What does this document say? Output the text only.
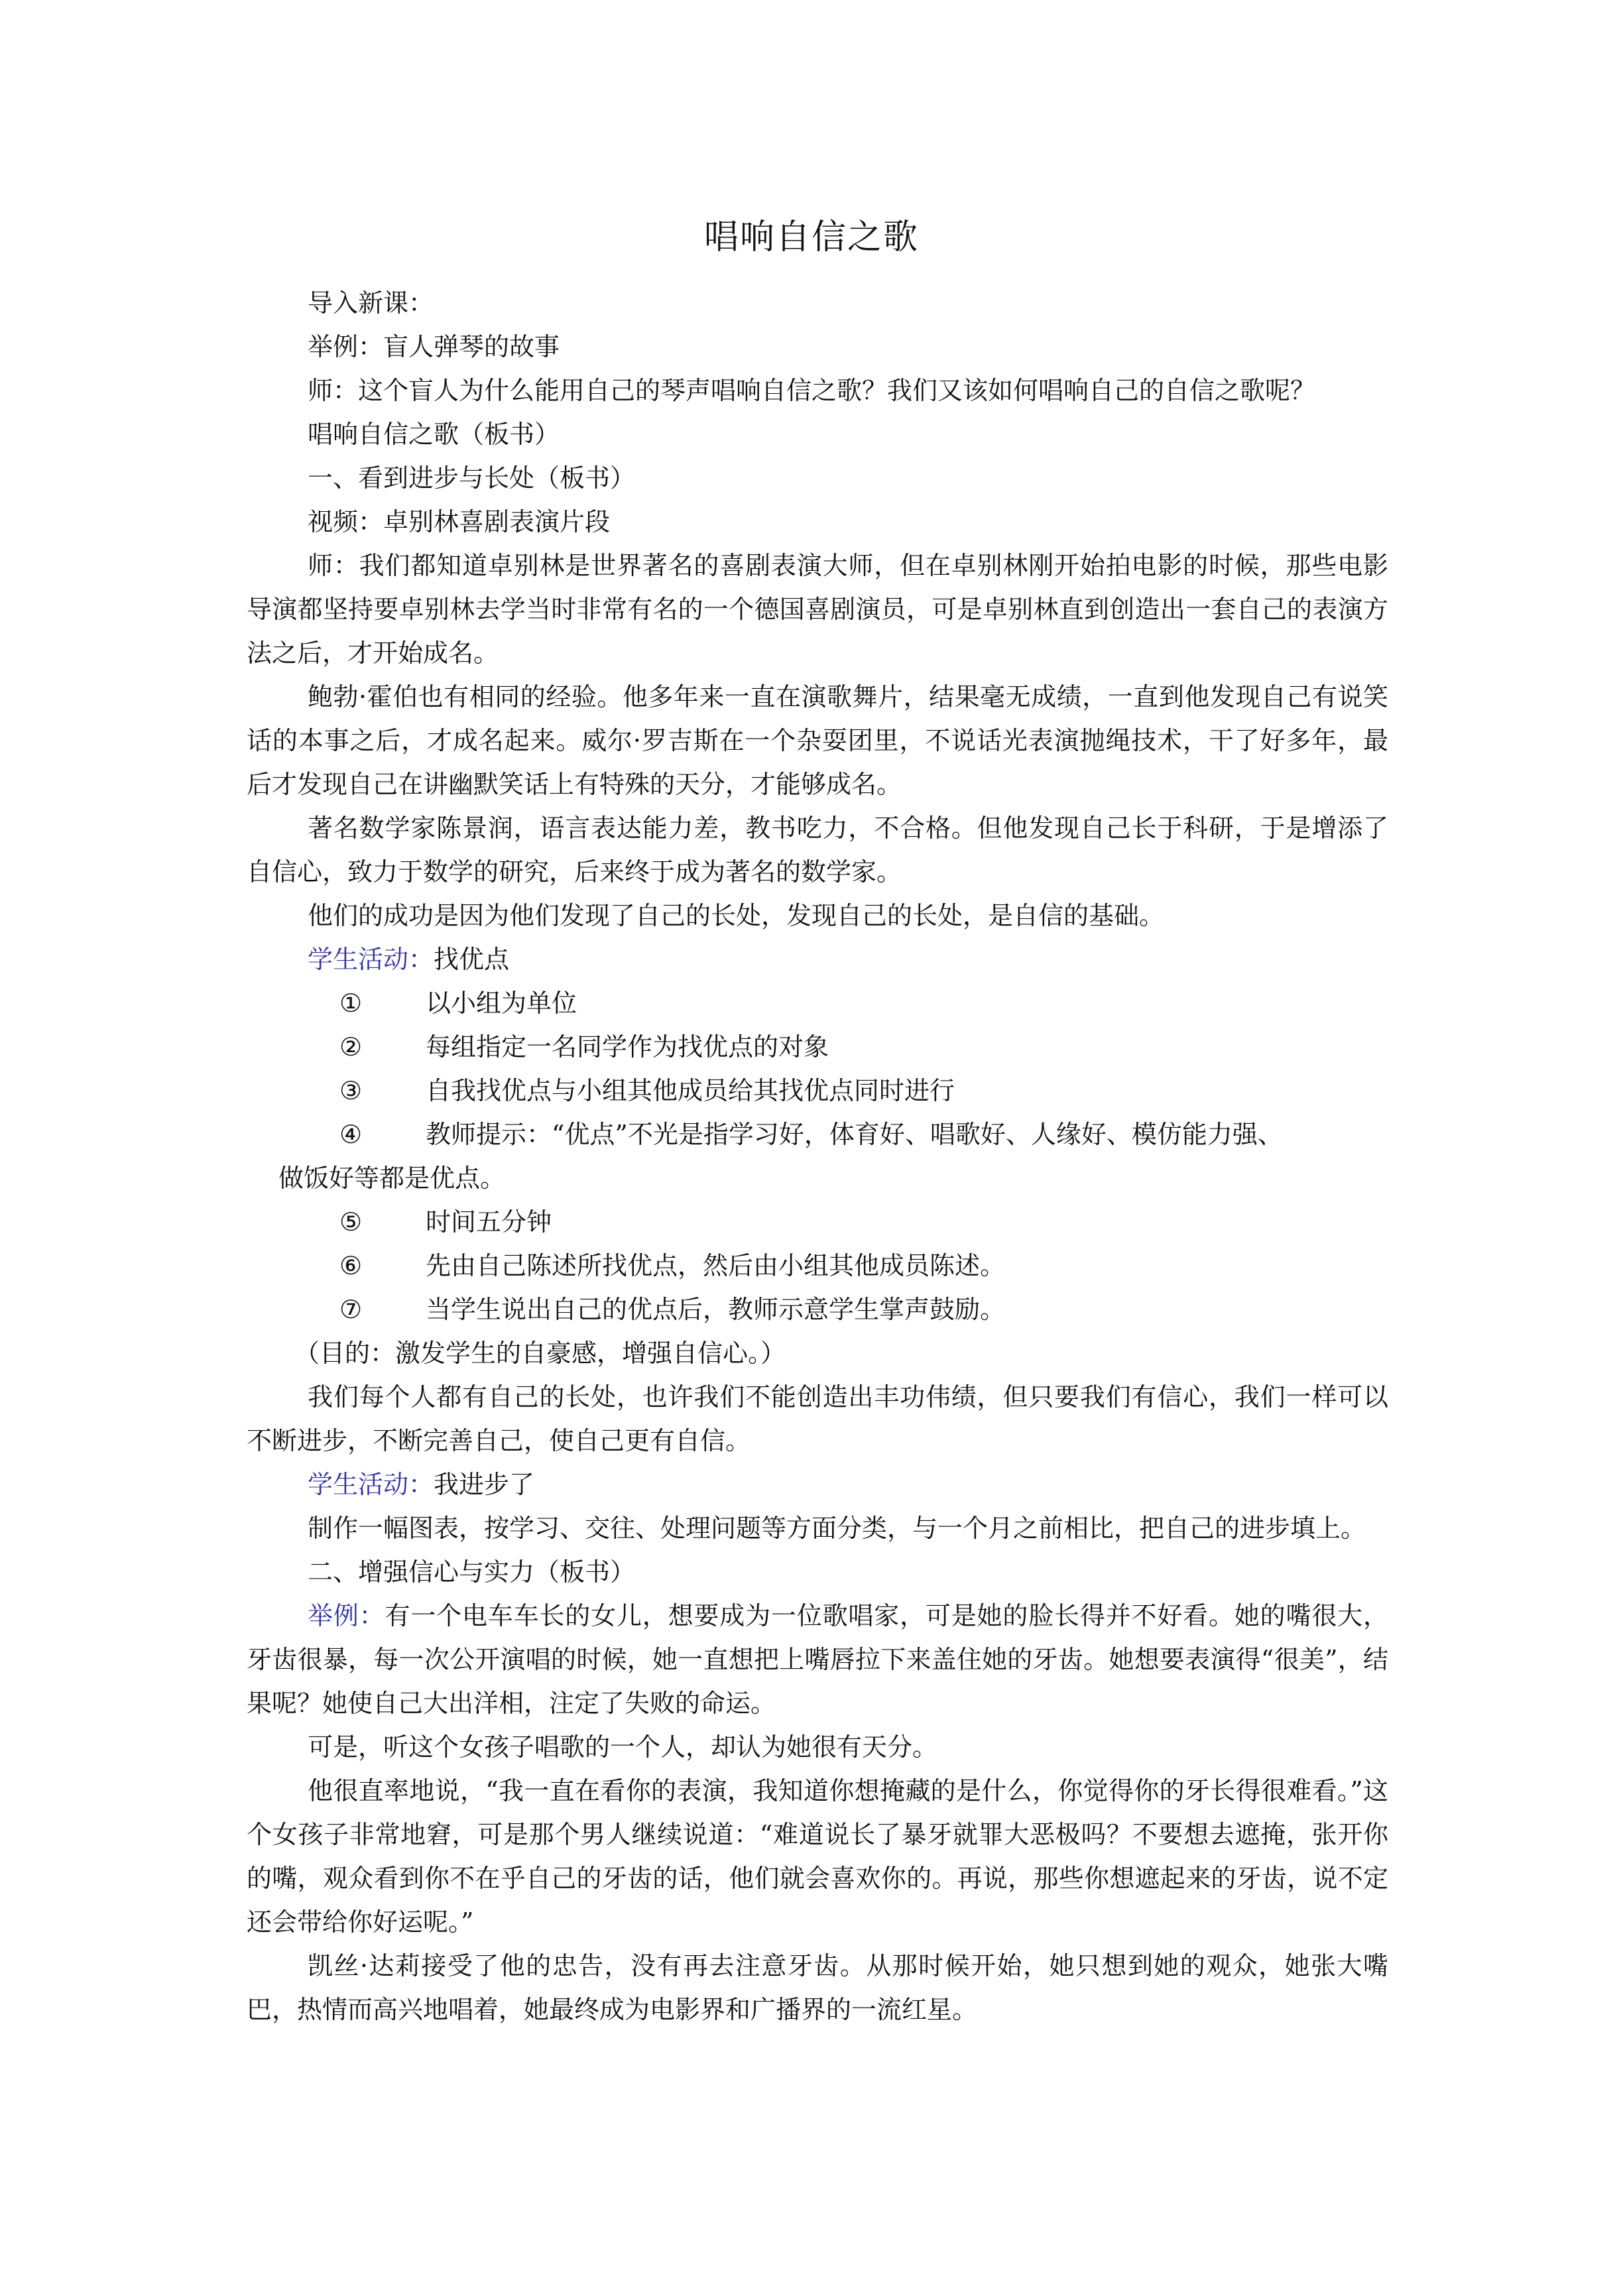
唱响自信之歌

导入新课：

举例：盲人弹琴的故事

师：这个盲人为什么能用自己的琴声唱响自信之歌？我们又该如何唱响自己的自信之歌呢？

唱响自信之歌（板书）

一、看到进步与长处（板书）

视频：卓别林喜剧表演片段

师：我们都知道卓别林是世界著名的喜剧表演大师，但在卓别林刚开始拍电影的时候，那些电影导演都坚持要卓别林去学当时非常有名的一个德国喜剧演员，可是卓别林直到创造出一套自己的表演方法之后，才开始成名。

鲍勃·霍伯也有相同的经验。他多年来一直在演歌舞片，结果毫无成绩，一直到他发现自己有说笑话的本事之后，才成名起来。威尔·罗吉斯在一个杂耍团里，不说话光表演抛绳技术，干了好多年，最后才发现自己在讲幽默笑话上有特殊的天分，才能够成名。

著名数学家陈景润，语言表达能力差，教书吃力，不合格。但他发现自己长于科研，于是增添了自信心，致力于数学的研究，后来终于成为著名的数学家。

他们的成功是因为他们发现了自己的长处，发现自己的长处，是自信的基础。

学生活动：找优点

①	以小组为单位
②	每组指定一名同学作为找优点的对象
③	自我找优点与小组其他成员给其找优点同时进行
④	教师提示：“优点”不光是指学习好，体育好、唱歌好、人缘好、模仿能力强、
做饭好等都是优点。
⑤	时间五分钟
⑥	先由自己陈述所找优点，然后由小组其他成员陈述。
⑦	当学生说出自己的优点后，教师示意学生掌声鼓励。

（目的：激发学生的自豪感，增强自信心。）

我们每个人都有自己的长处，也许我们不能创造出丰功伟绩，但只要我们有信心，我们一样可以不断进步，不断完善自己，使自己更有自信。

学生活动：我进步了

制作一幅图表，按学习、交往、处理问题等方面分类，与一个月之前相比，把自己的进步填上。

二、增强信心与实力（板书）

举例：有一个电车车长的女儿，想要成为一位歌唱家，可是她的脸长得并不好看。她的嘴很大，牙齿很暴，每一次公开演唱的时候，她一直想把上嘴唇拉下来盖住她的牙齿。她想要表演得“很美”，结果呢？她使自己大出洋相，注定了失败的命运。

可是，听这个女孩子唱歌的一个人，却认为她很有天分。

他很直率地说，“我一直在看你的表演，我知道你想掩藏的是什么，你觉得你的牙长得很难看。”这个女孩子非常地窘，可是那个男人继续说道：“难道说长了暴牙就罪大恶极吗？不要想去遮掩，张开你的嘴，观众看到你不在乎自己的牙齿的话，他们就会喜欢你的。再说，那些你想遮起来的牙齿，说不定还会带给你好运呢。”

凯丝·达莉接受了他的忠告，没有再去注意牙齿。从那时候开始，她只想到她的观众，她张大嘴巴，热情而高兴地唱着，她最终成为电影界和广播界的一流红星。
